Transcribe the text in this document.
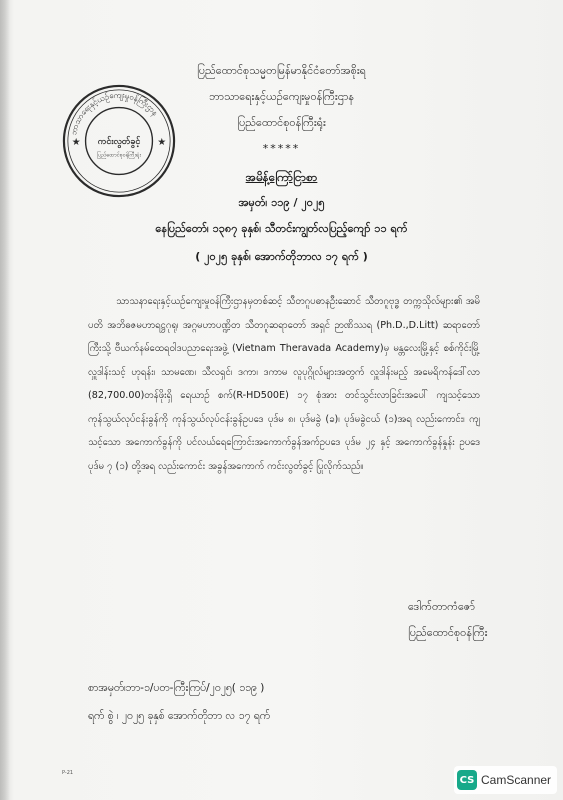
ဘာသာရေးနှင့်ယဉ်ကျေးမှုဝန်ကြီးဌာန
ကင်းလွတ်ခွင့်
ပြည်ထောင်စုဝန်ကြီးရုံး
★	★
ပြည်ထောင်စုသမ္မတမြန်မာနိုင်ငံတော်အစိုးရ
ဘာသာရေးနှင့်ယဉ်ကျေးမှုဝန်ကြီးဌာန
ပြည်ထောင်စုဝန်ကြီးရုံး
*****
အမိန့်ကြော်ငြာစာ
အမှတ်၊ ၁၁၉ / ၂၀၂၅
နေပြည်တော်၊ ၁၃၈၇ ခုနှစ်၊ သီတင်းကျွတ်လပြည့်ကျော် ၁၁ ရက်
( ၂၀၂၅ ခုနှစ်၊ အောက်တိုဘာလ ၁၇ ရက် )
သာသနာရေးနှင့်ယဉ်ကျေးမှုဝန်ကြီးဌာနမှတစ်ဆင့် သီတဂူပဓာနဦးဆောင် သီတဂူဗုဒ္ဓ တက္ကသိုလ်များ၏ အမိပတိ အဘိဓဇမဟာရဋ္ဌဂုရု၊ အဂ္ဂမဟာပဏ္ဍိတ သီတဂူဆရာတော် အရှင် ဉာဏိဿရ (Ph.D.,D.Litt) ဆရာတော်ကြီးသို့ ဗီယက်နမ်ထေရဝါဒပညာရေးအဖွဲ့ (Vietnam Theravada Academy)မှ မန္တလေးမြို့နှင့် စစ်ကိုင်းမြို့ လှူဒါန်းသင့် ဟုရန်း၊ သာမဏေ၊ သီလရှင်၊ ဒကာ၊ ဒကာမ လူပုဂ္ဂိုလ်များအတွက် လှူဒါန်းမည့် အမေရိကန်ဒေါ်လာ (82,700.00)တန်ဖိုးရှိ ရေယာဉ် စက်(R-HD500E) ၁၇ စုံအား တင်သွင်းလာခြင်းအပေါ် ကျသင့်သော ကုန်သွယ်လုပ်ငန်းခွန်ကို ကုန်သွယ်လုပ်ငန်းခွန်ဥပဒေ ပုဒ်မ ၈၊ ပုဒ်မခွဲ (ခ)၊ ပုဒ်မခွဲငယ် (၁)အရ လည်းကောင်း၊ ကျသင့်သော အကောက်ခွန်ကို ပင်လယ်ရေကြောင်းအကောက်ခွန်အက်ဥပဒေ ပုဒ်မ ၂၄ နှင့် အကောက်ခွန်နှုန်း ဥပဒေ ပုဒ်မ ၇ (၁) တို့အရ လည်းကောင်း အခွန်အကောက် ကင်းလွတ်ခွင့် ပြုလိုက်သည်။
ဒေါက်တာကံဇော်
ပြည်ထောင်စုဝန်ကြီး
စာအမှတ်၊ဘာ-၁/ပတ-ကြီးကြပ်/၂၀၂၅( ၁၁၉ )
ရက် စွဲ ၊ ၂၀၂၅ ခုနှစ် အောက်တိုဘာ လ ၁၇ ရက်
P-21
CS CamScanner
